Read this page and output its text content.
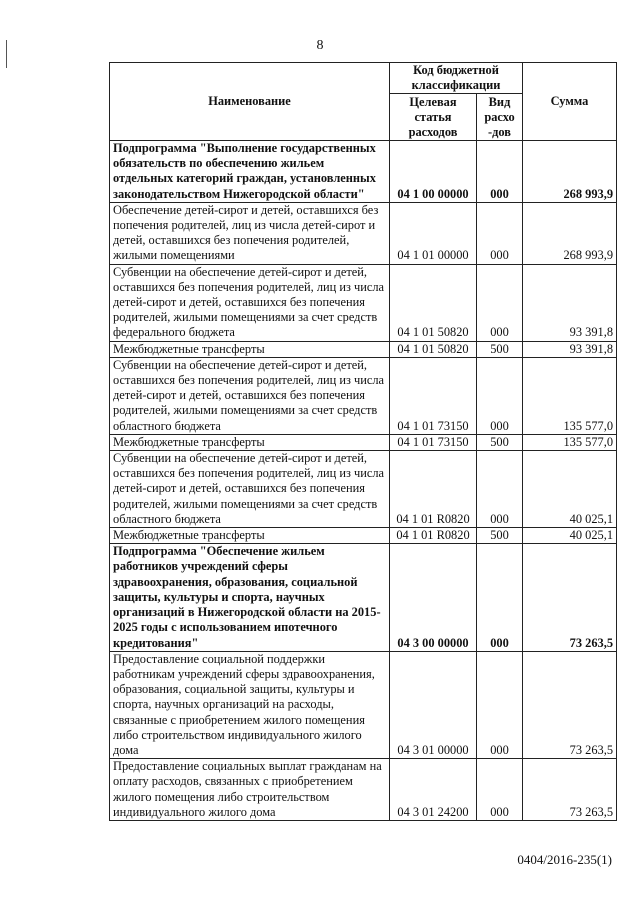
8
Наименование	Код бюджетной классификации		Сумма
	Целевая статья расходов	Вид расхо -дов	
Подпрограмма "Выполнение государственных обязательств по обеспечению жильем отдельных категорий граждан, установленных законодательством Нижегородской области"	04 1 00 00000	000	268 993,9
Обеспечение детей-сирот и детей, оставшихся без попечения родителей, лиц из числа детей-сирот и детей, оставшихся без попечения родителей, жилыми помещениями	04 1 01 00000	000	268 993,9
Субвенции на обеспечение детей-сирот и детей, оставшихся без попечения родителей, лиц из числа детей-сирот и детей, оставшихся без попечения родителей, жилыми помещениями за счет средств федерального бюджета	04 1 01 50820	000	93 391,8
Межбюджетные трансферты	04 1 01 50820	500	93 391,8
Субвенции на обеспечение детей-сирот и детей, оставшихся без попечения родителей, лиц из числа детей-сирот и детей, оставшихся без попечения родителей, жилыми помещениями за счет средств областного бюджета	04 1 01 73150	000	135 577,0
Межбюджетные трансферты	04 1 01 73150	500	135 577,0
Субвенции на обеспечение детей-сирот и детей, оставшихся без попечения родителей, лиц из числа детей-сирот и детей, оставшихся без попечения родителей, жилыми помещениями за счет средств областного бюджета	04 1 01 R0820	000	40 025,1
Межбюджетные трансферты	04 1 01 R0820	500	40 025,1
Подпрограмма "Обеспечение жильем работников учреждений сферы здравоохранения, образования, социальной защиты, культуры и спорта, научных организаций в Нижегородской области на 2015-2025 годы с использованием ипотечного кредитования"	04 3 00 00000	000	73 263,5
Предоставление социальной поддержки работникам учреждений сферы здравоохранения, образования, социальной защиты, культуры и спорта, научных организаций на расходы, связанные с приобретением жилого помещения либо строительством индивидуального жилого дома	04 3 01 00000	000	73 263,5
Предоставление социальных выплат гражданам на оплату расходов, связанных с приобретением жилого помещения либо строительством индивидуального жилого дома	04 3 01 24200	000	73 263,5
0404/2016-235(1)
